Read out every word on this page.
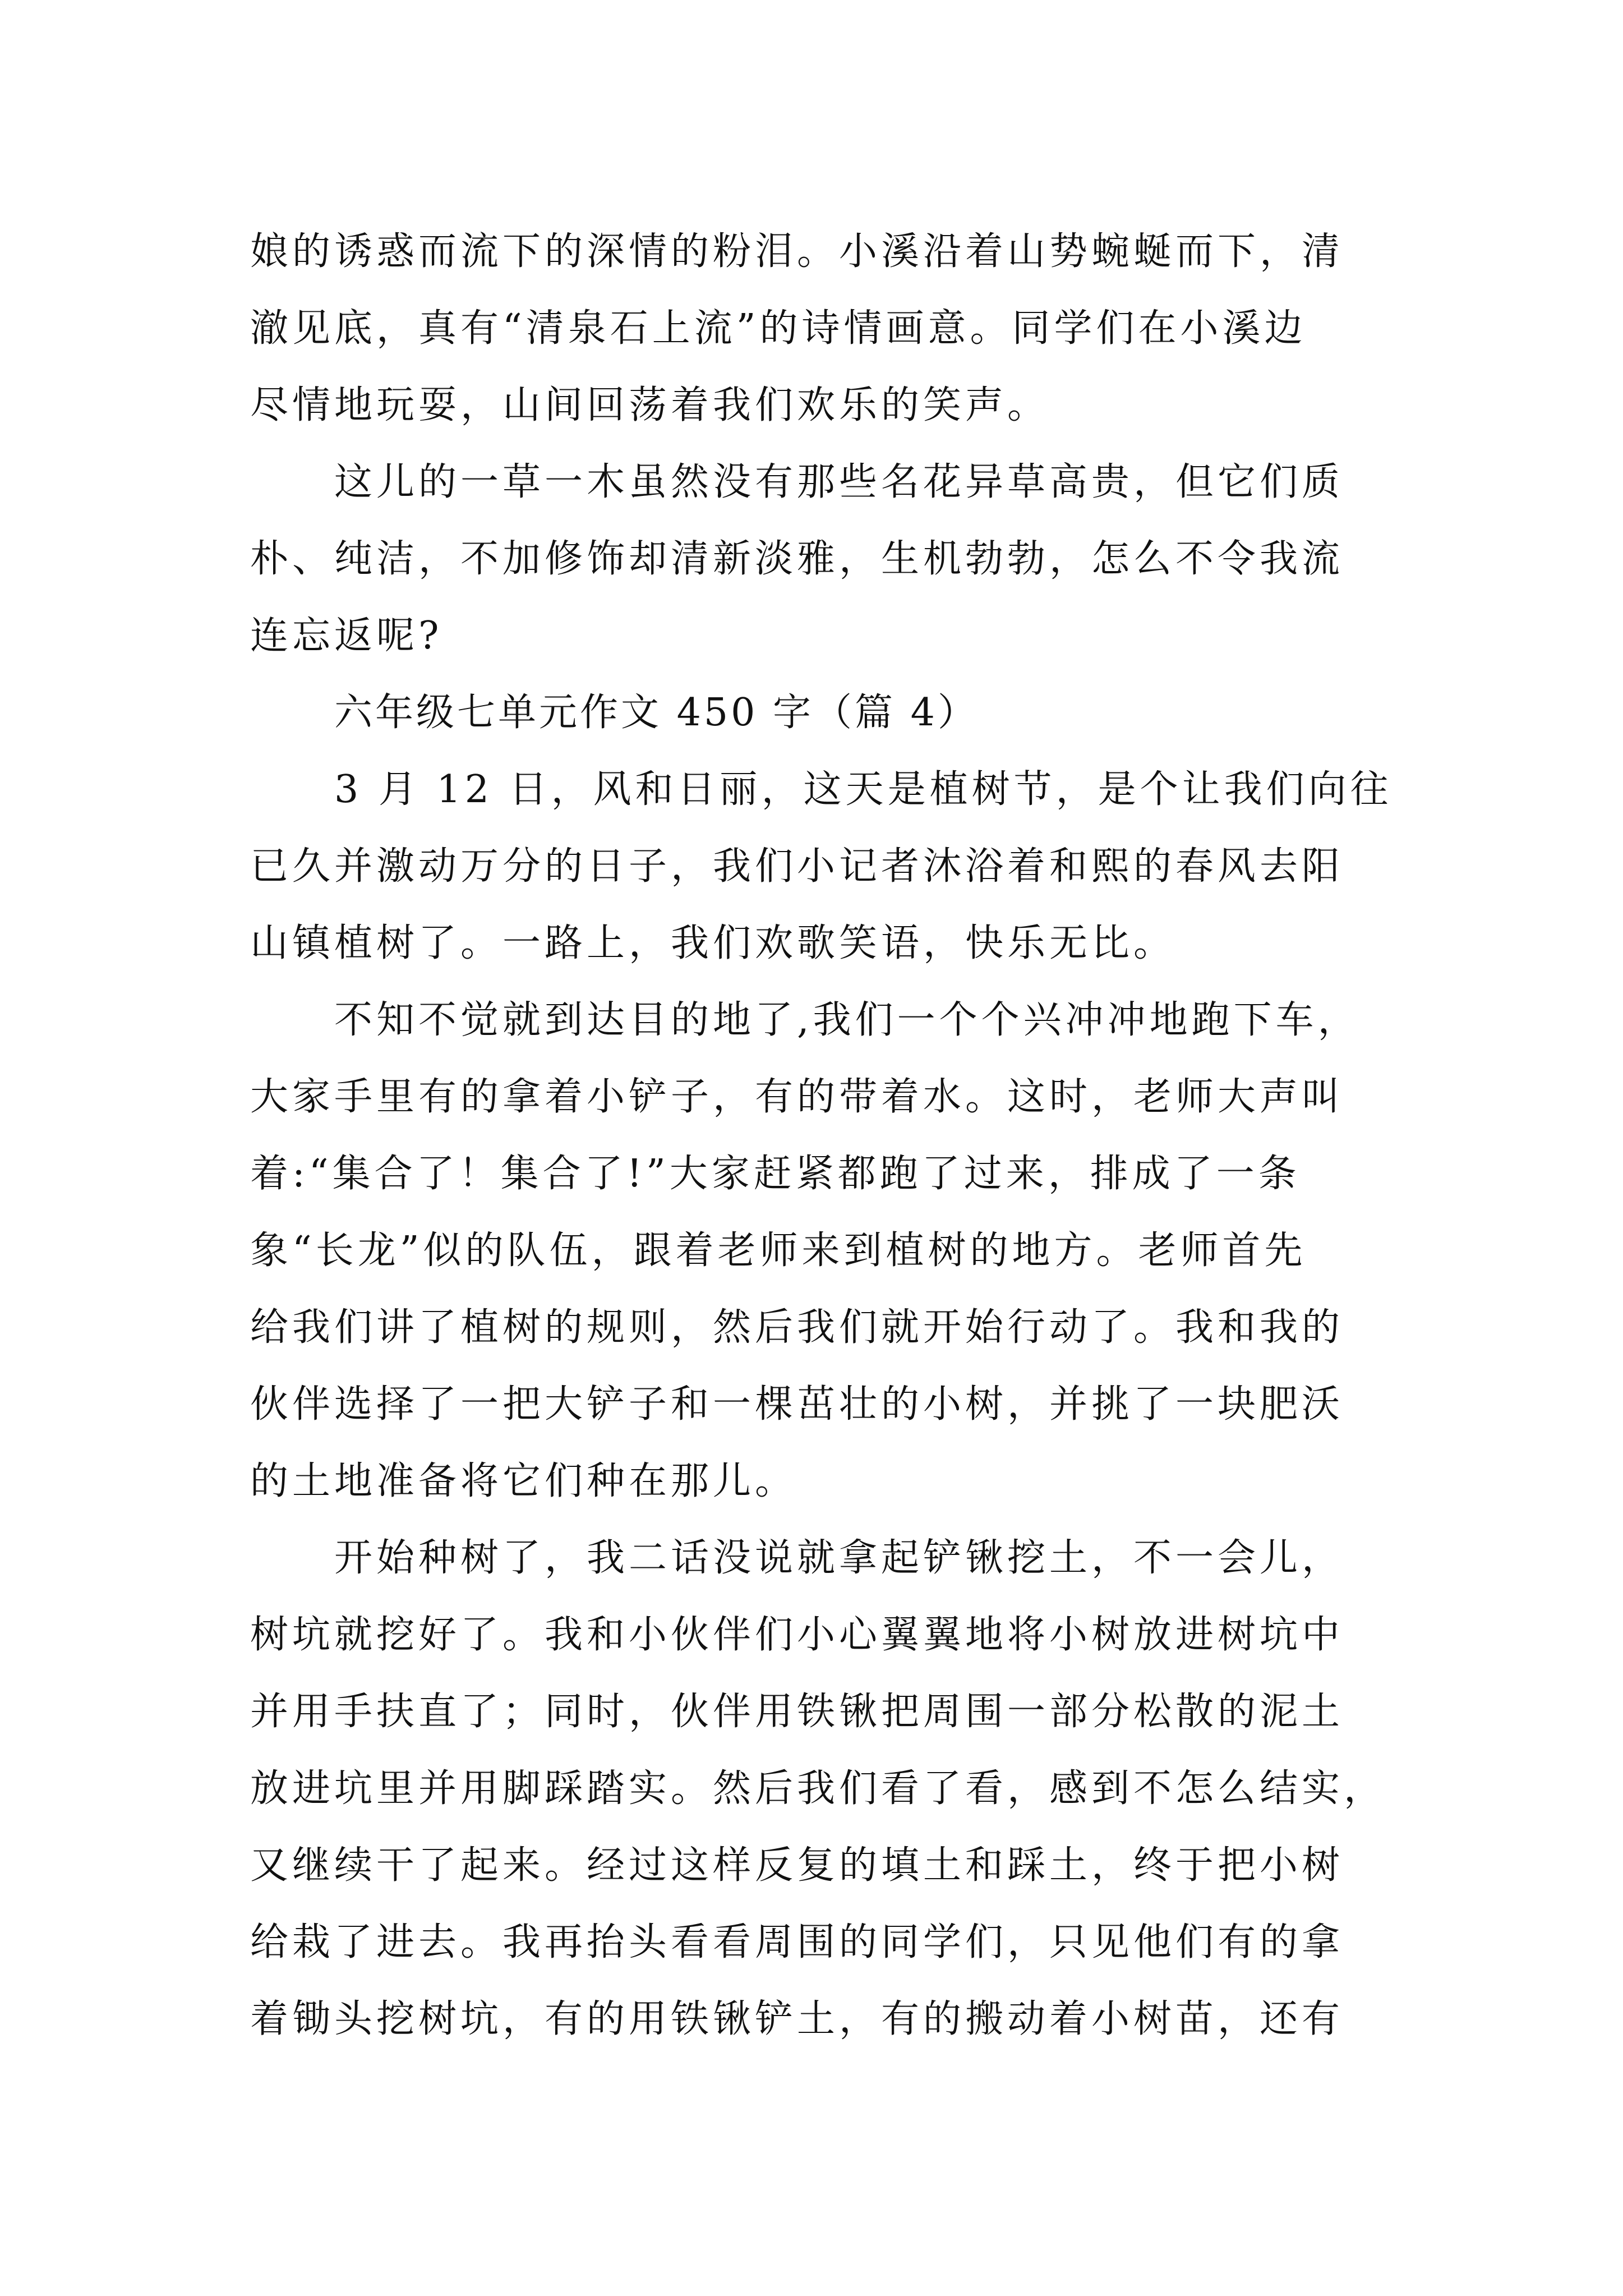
娘的诱惑而流下的深情的粉泪。小溪沿着山势蜿蜒而下，清
澈见底，真有“清泉石上流”的诗情画意。同学们在小溪边
尽情地玩耍，山间回荡着我们欢乐的笑声。
这儿的一草一木虽然没有那些名花异草高贵，但它们质
朴、纯洁，不加修饰却清新淡雅，生机勃勃，怎么不令我流
连忘返呢?
六年级七单元作文 450 字（篇 4）
3 月 12 日，风和日丽，这天是植树节，是个让我们向往
已久并激动万分的日子，我们小记者沐浴着和熙的春风去阳
山镇植树了。一路上，我们欢歌笑语，快乐无比。
不知不觉就到达目的地了,我们一个个兴冲冲地跑下车，
大家手里有的拿着小铲子，有的带着水。这时，老师大声叫
着:“集合了！集合了!”大家赶紧都跑了过来，排成了一条
象“长龙”似的队伍，跟着老师来到植树的地方。老师首先
给我们讲了植树的规则，然后我们就开始行动了。我和我的
伙伴选择了一把大铲子和一棵茁壮的小树，并挑了一块肥沃
的土地准备将它们种在那儿。
开始种树了，我二话没说就拿起铲锹挖土，不一会儿，
树坑就挖好了。我和小伙伴们小心翼翼地将小树放进树坑中
并用手扶直了；同时，伙伴用铁锹把周围一部分松散的泥土
放进坑里并用脚踩踏实。然后我们看了看，感到不怎么结实，
又继续干了起来。经过这样反复的填土和踩土，终于把小树
给栽了进去。我再抬头看看周围的同学们，只见他们有的拿
着锄头挖树坑，有的用铁锹铲土，有的搬动着小树苗，还有
